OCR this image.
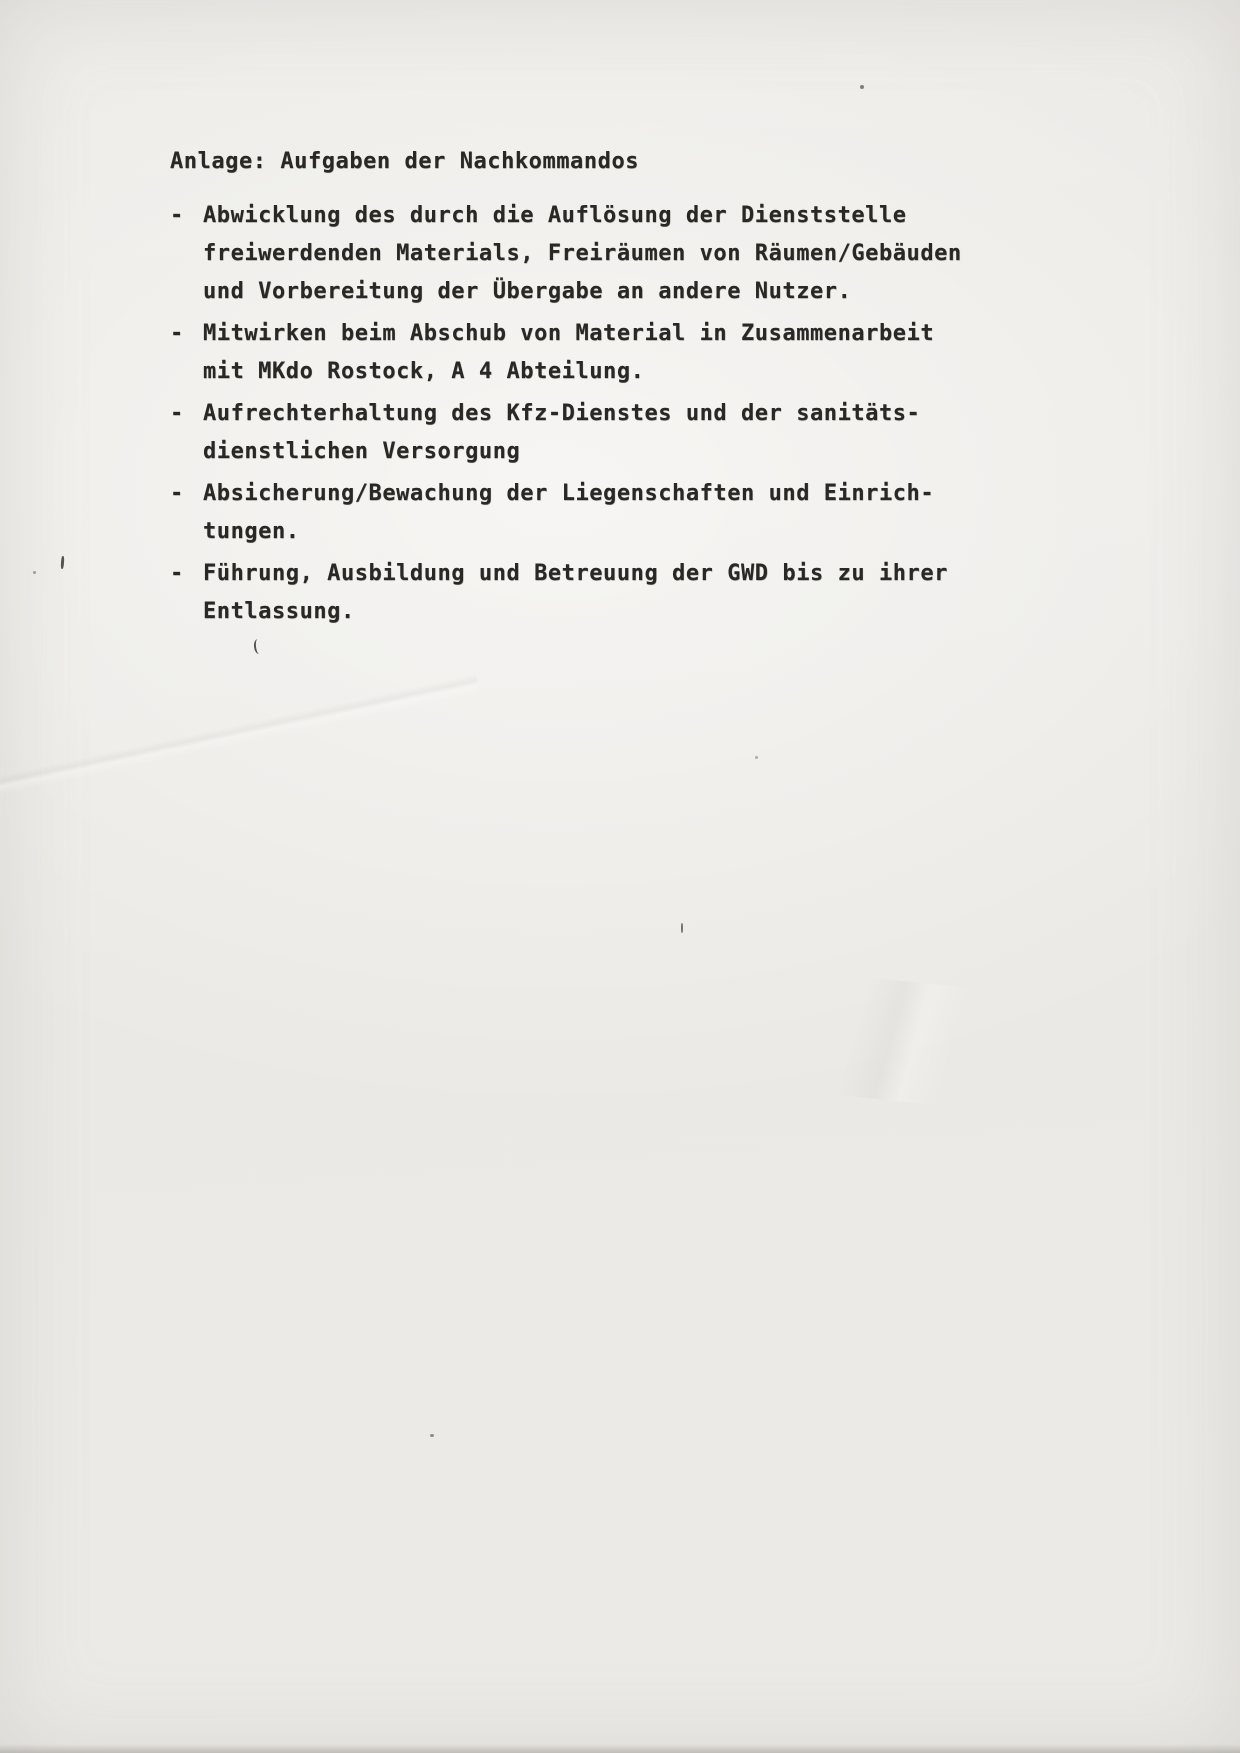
Anlage: Aufgaben der Nachkommandos
- Abwicklung des durch die Auflösung der Dienststelle
freiwerdenden Materials, Freiräumen von Räumen/Gebäuden
und Vorbereitung der Übergabe an andere Nutzer.
- Mitwirken beim Abschub von Material in Zusammenarbeit
mit MKdo Rostock, A 4 Abteilung.
- Aufrechterhaltung des Kfz-Dienstes und der sanitäts-
dienstlichen Versorgung
- Absicherung/Bewachung der Liegenschaften und Einrich-
tungen.
- Führung, Ausbildung und Betreuung der GWD bis zu ihrer
Entlassung.
